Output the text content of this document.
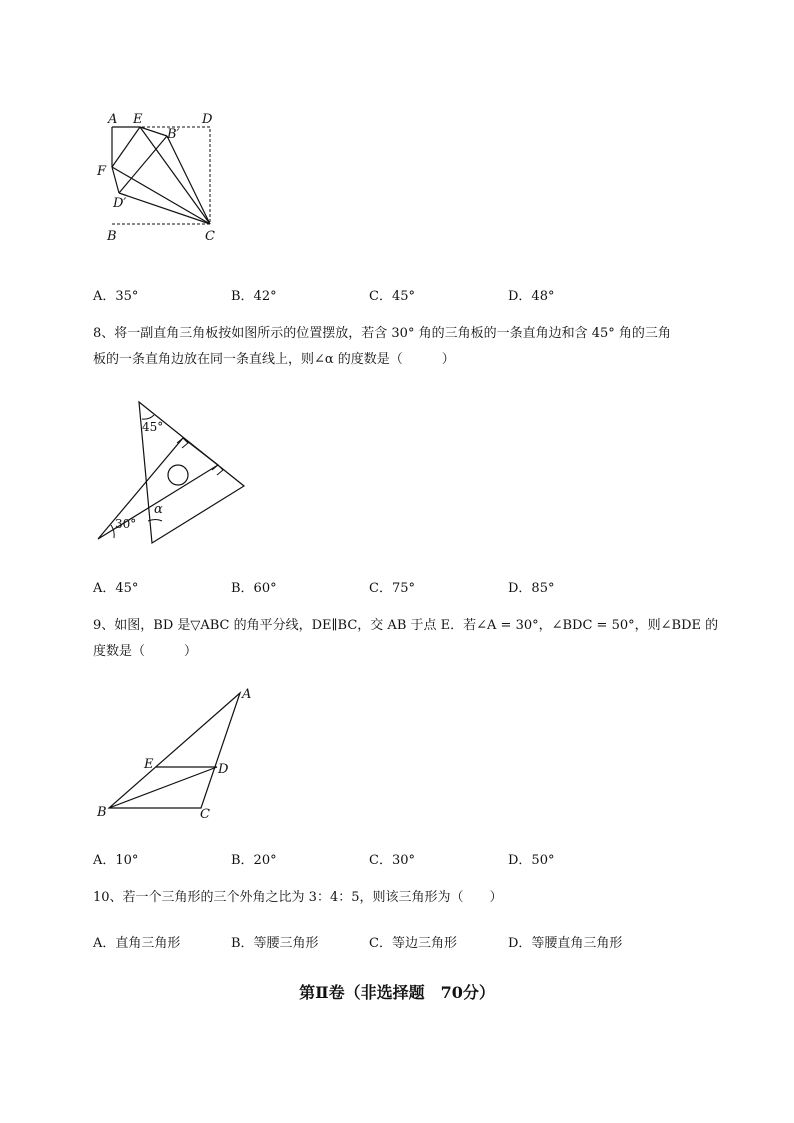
A E	D
B′
F
D′
B	C
A．35°	B．42°	C．45°	D．48°
8、将一副直角三角板按如图所示的位置摆放，若含 30° 角的三角板的一条直角边和含 45° 角的三角
板的一条直角边放在同一条直线上，则∠α 的度数是（　　　）
45°
30°
α
A．45°	B．60°	C．75°	D．85°
9、如图，BD 是▽ABC 的角平分线，DE∥BC，交 AB 于点 E．若∠A = 30°，∠BDC = 50°，则∠BDE 的
度数是（　　　）
A
E	D
B	C
A．10°	B．20°	C．30°	D．50°
10、若一个三角形的三个外角之比为 3：4：5，则该三角形为（　　）
A．直角三角形	B．等腰三角形	C．等边三角形	D．等腰直角三角形
第Ⅱ卷（非选择题　70分）
